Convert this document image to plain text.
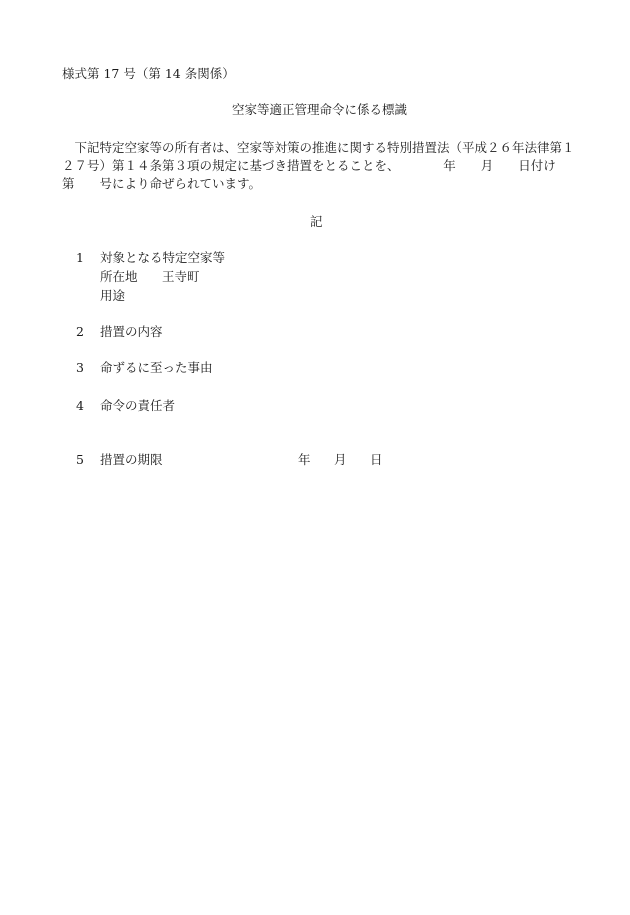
様式第 17 号（第 14 条関係）
空家等適正管理命令に係る標識
　下記特定空家等の所有者は、空家等対策の推進に関する特別措置法（平成２６年法律第１
２７号）第１４条第３項の規定に基づき措置をとることを、　　　　年　　月　　日付け
第　　号により命ぜられています。
記
1 対象となる特定空家等
所在地 王寺町
用途
2 措置の内容
3 命ずるに至った事由
4 命令の責任者
5 措置の期限	年 月 日
